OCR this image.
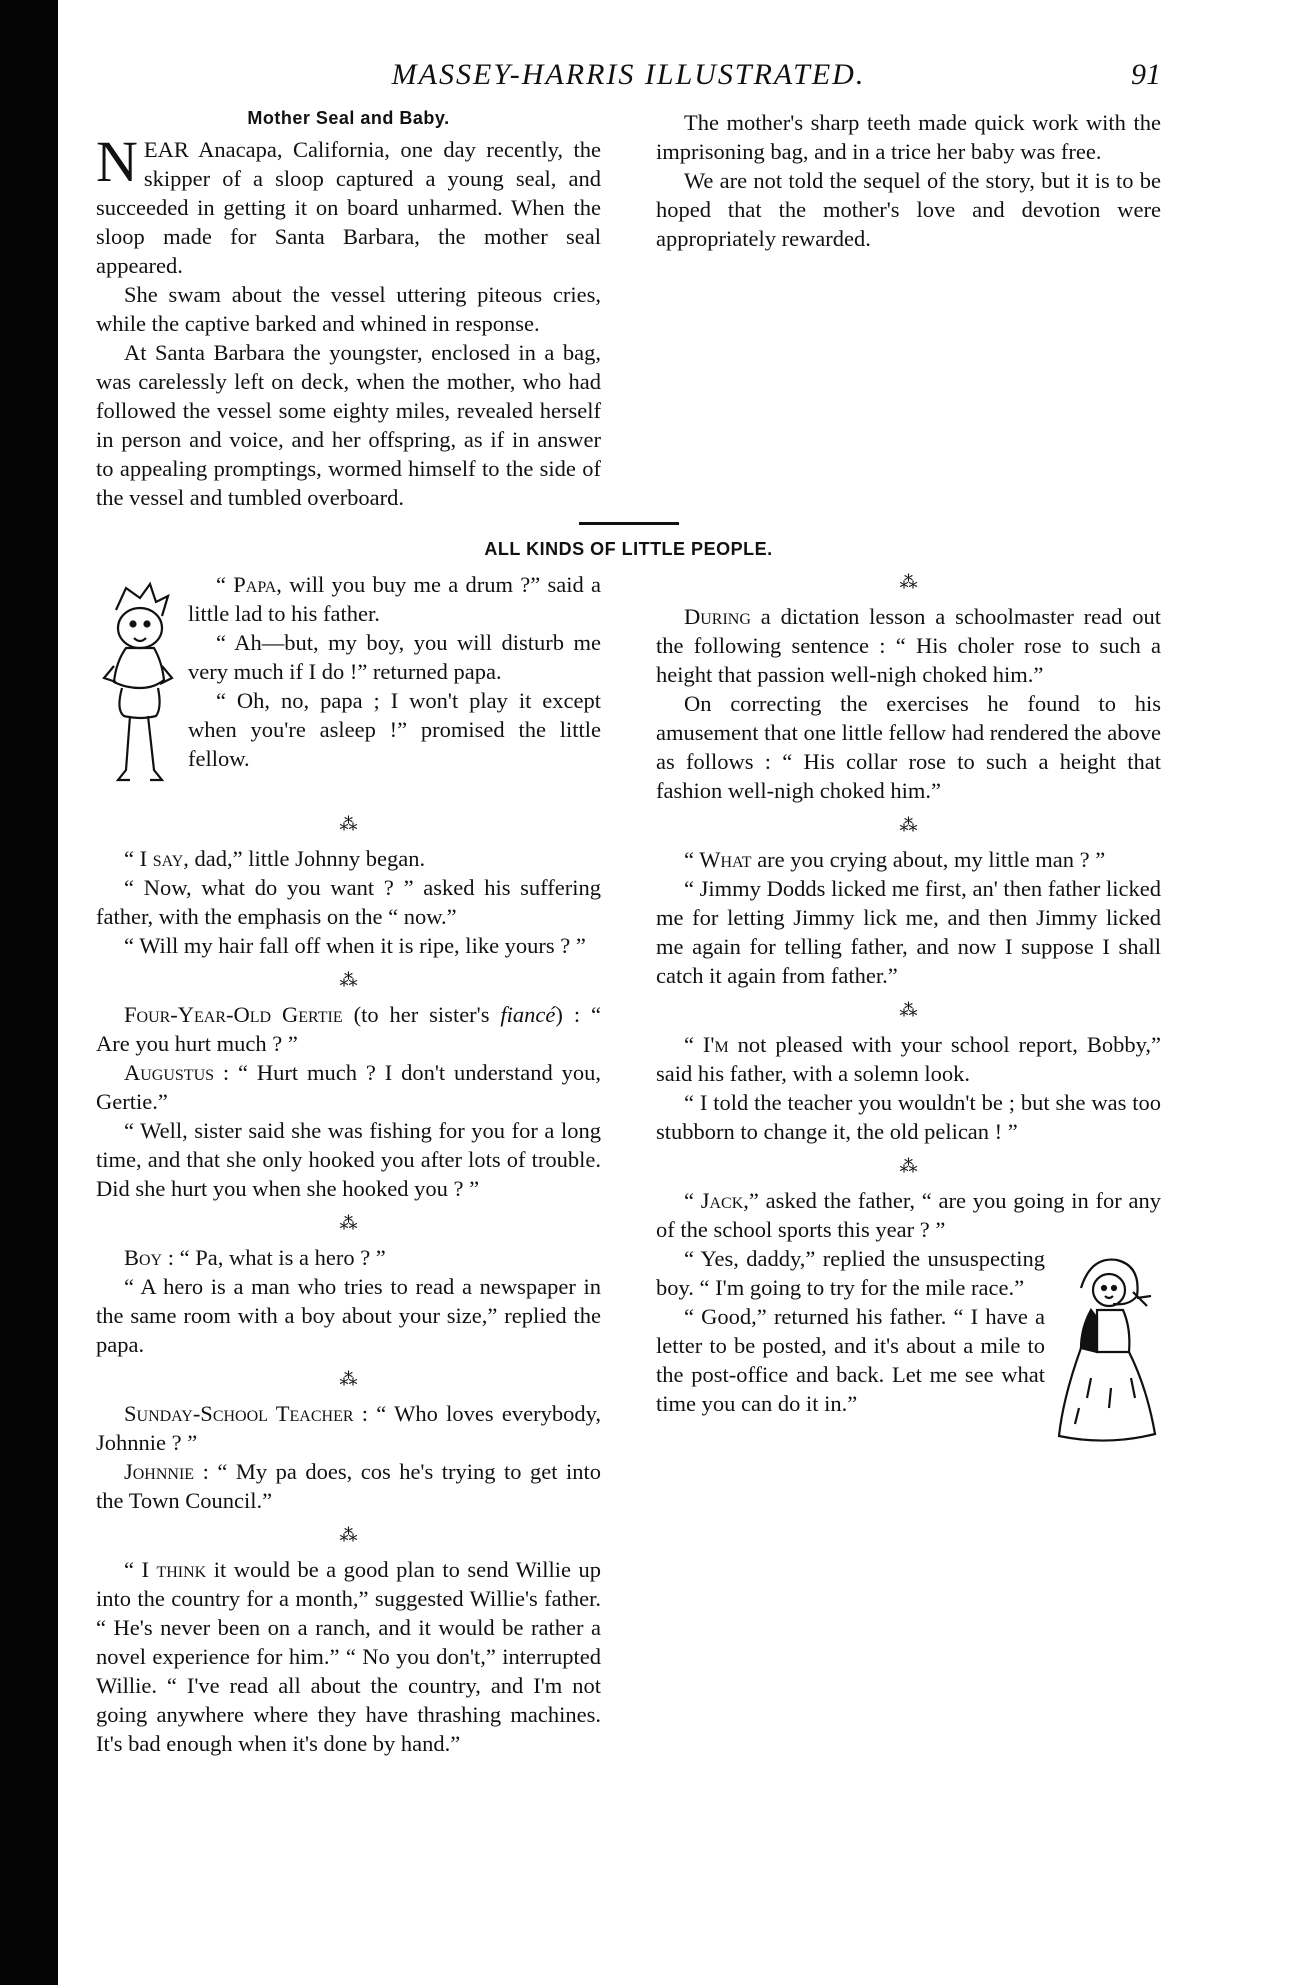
MASSEY-HARRIS ILLUSTRATED.	91
Mother Seal and Baby.

NEAR Anacapa, California, one day recently, the skipper of a sloop captured a young seal, and succeeded in getting it on board unharmed. When the sloop made for Santa Barbara, the mother seal appeared.

She swam about the vessel uttering piteous cries, while the captive barked and whined in response.

At Santa Barbara the youngster, enclosed in a bag, was carelessly left on deck, when the mother, who had followed the vessel some eighty miles, revealed herself in person and voice, and her offspring, as if in answer to appealing promptings, wormed himself to the side of the vessel and tumbled overboard.

The mother's sharp teeth made quick work with the imprisoning bag, and in a trice her baby was free.

We are not told the sequel of the story, but it is to be hoped that the mother's love and devotion were appropriately rewarded.

ALL KINDS OF LITTLE PEOPLE.

“ Papa, will you buy me a drum ?” said a little lad to his father.

“ Ah—but, my boy, you will disturb me very much if I do !” returned papa.

“ Oh, no, papa ; I won't play it except when you're asleep !” promised the little fellow.

⁂

“ I say, dad,” little Johnny began.

“ Now, what do you want ? ” asked his suffering father, with the emphasis on the “ now.”

“ Will my hair fall off when it is ripe, like yours ? ”

⁂

Four-Year-Old Gertie (to her sister's fiancé) : “ Are you hurt much ? ”

Augustus : “ Hurt much ? I don't understand you, Gertie.”

“ Well, sister said she was fishing for you for a long time, and that she only hooked you after lots of trouble. Did she hurt you when she hooked you ? ”

⁂

Boy : “ Pa, what is a hero ? ”

“ A hero is a man who tries to read a newspaper in the same room with a boy about your size,” replied the papa.

⁂

Sunday-School Teacher : “ Who loves everybody, Johnnie ? ”

Johnnie : “ My pa does, cos he's trying to get into the Town Council.”

⁂

“ I think it would be a good plan to send Willie up into the country for a month,” suggested Willie's father. “ He's never been on a ranch, and it would be rather a novel experience for him.” “ No you don't,” interrupted Willie. “ I've read all about the country, and I'm not going anywhere where they have thrashing machines. It's bad enough when it's done by hand.”

⁂

During a dictation lesson a schoolmaster read out the following sentence : “ His choler rose to such a height that passion well-nigh choked him.”

On correcting the exercises he found to his amusement that one little fellow had rendered the above as follows : “ His collar rose to such a height that fashion well-nigh choked him.”

⁂

“ What are you crying about, my little man ? ”

“ Jimmy Dodds licked me first, an' then father licked me for letting Jimmy lick me, and then Jimmy licked me again for telling father, and now I suppose I shall catch it again from father.”

⁂

“ I'm not pleased with your school report, Bobby,” said his father, with a solemn look.

“ I told the teacher you wouldn't be ; but she was too stubborn to change it, the old pelican ! ”

⁂

“ Jack,” asked the father, “ are you going in for any of the school sports this year ? ”

“ Yes, daddy,” replied the unsuspecting boy. “ I'm going to try for the mile race.”

“ Good,” returned his father. “ I have a letter to be posted, and it's about a mile to the post-office and back. Let me see what time you can do it in.”
